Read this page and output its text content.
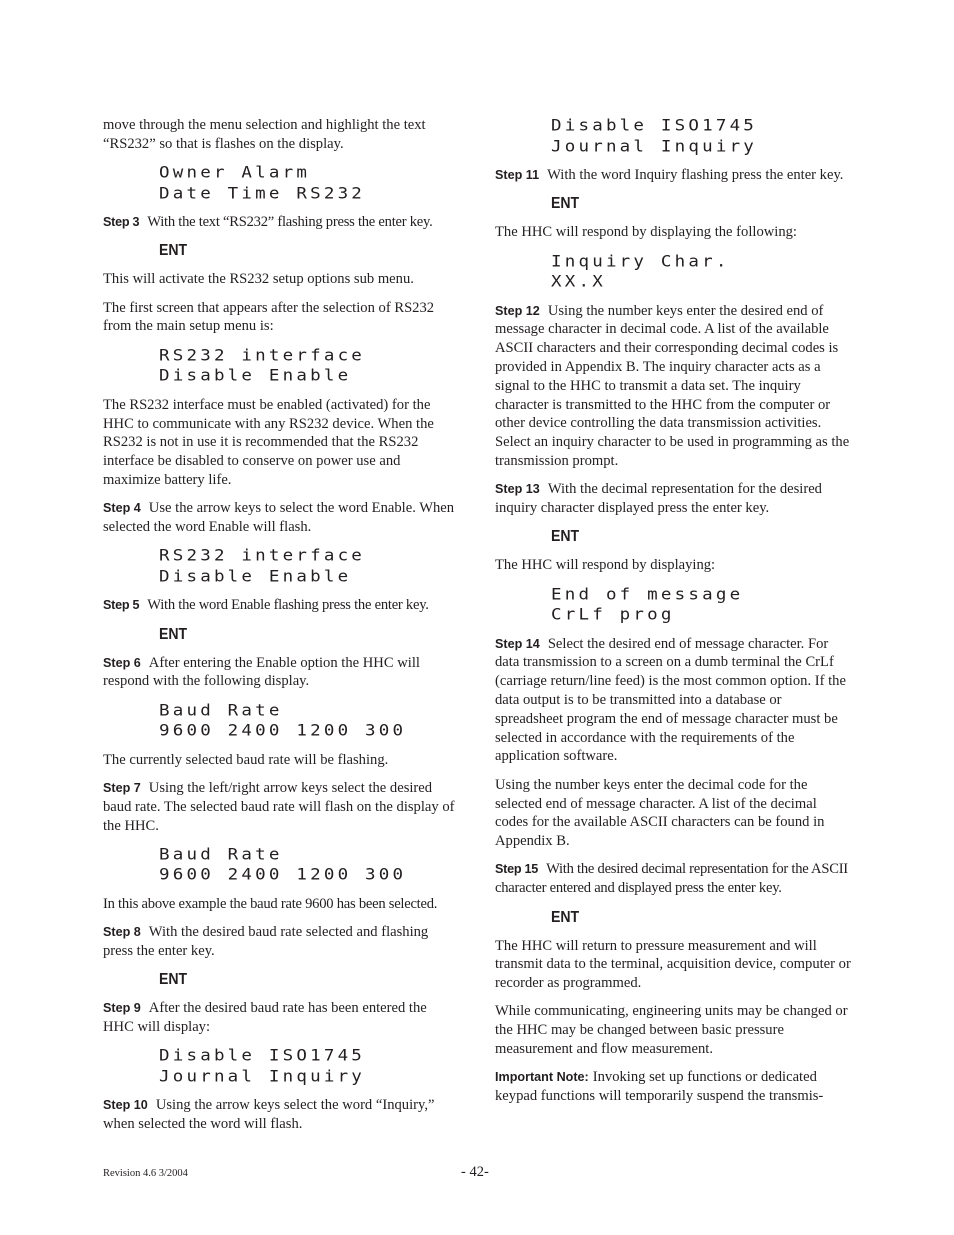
move through the menu selection and highlight the text “RS232” so that is flashes on the display.

Owner Alarm
Date Time RS232

Step 3 With the text “RS232” flashing press the enter key.

ENT

This will activate the RS232 setup options sub menu.

The first screen that appears after the selection of RS232 from the main setup menu is:

RS232 interface
Disable Enable

The RS232 interface must be enabled (activated) for the HHC to communicate with any RS232 device. When the RS232 is not in use it is recommended that the RS232 interface be disabled to conserve on power use and maximize battery life.

Step 4 Use the arrow keys to select the word Enable. When selected the word Enable will flash.

RS232 interface
Disable Enable

Step 5 With the word Enable flashing press the enter key.

ENT

Step 6 After entering the Enable option the HHC will respond with the following display.

Baud Rate
9600 2400 1200 300

The currently selected baud rate will be flashing.

Step 7 Using the left/right arrow keys select the desired baud rate. The selected baud rate will flash on the display of the HHC.

Baud Rate
9600 2400 1200 300

In this above example the baud rate 9600 has been selected.

Step 8 With the desired baud rate selected and flashing press the enter key.

ENT

Step 9 After the desired baud rate has been entered the HHC will display:

Disable ISO1745
Journal Inquiry

Step 10 Using the arrow keys select the word “Inquiry,” when selected the word will flash.

Disable ISO1745
Journal Inquiry

Step 11 With the word Inquiry flashing press the enter key.

ENT

The HHC will respond by displaying the following:

Inquiry Char.
XX.X

Step 12 Using the number keys enter the desired end of message character in decimal code. A list of the available ASCII characters and their corresponding decimal codes is provided in Appendix B. The inquiry character acts as a signal to the HHC to transmit a data set. The inquiry character is transmitted to the HHC from the computer or other device controlling the data transmission activities. Select an inquiry character to be used in programming as the transmission prompt.

Step 13 With the decimal representation for the desired inquiry character displayed press the enter key.

ENT

The HHC will respond by displaying:

End of message
CrLf prog

Step 14 Select the desired end of message character. For data transmission to a screen on a dumb terminal the CrLf (carriage return/line feed) is the most common option. If the data output is to be transmitted into a database or spreadsheet program the end of message character must be selected in accordance with the requirements of the application software.

Using the number keys enter the decimal code for the selected end of message character. A list of the decimal codes for the available ASCII characters can be found in Appendix B.

Step 15 With the desired decimal representation for the ASCII character entered and displayed press the enter key.

ENT

The HHC will return to pressure measurement and will transmit data to the terminal, acquisition device, computer or recorder as programmed.

While communicating, engineering units may be changed or the HHC may be changed between basic pressure measurement and flow measurement.

Important Note: Invoking set up functions or dedicated keypad functions will temporarily suspend the transmis-

Revision 4.6 3/2004	- 42-
